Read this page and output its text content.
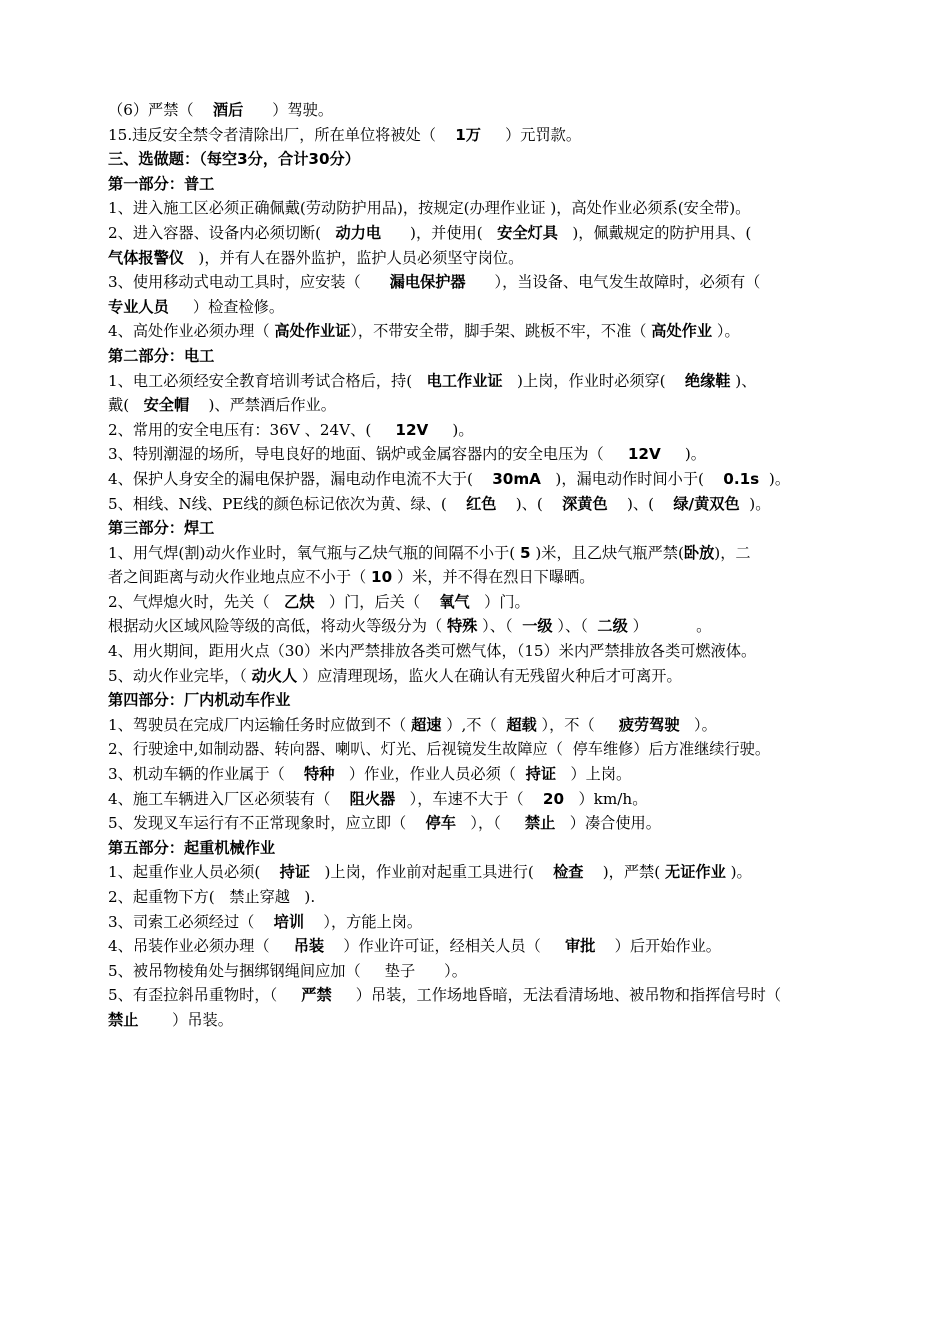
（6）严禁（    酒后      ）驾驶。
15.违反安全禁令者清除出厂，所在单位将被处（    1万     ）元罚款。
三、选做题：（每空3分，合计30分）
第一部分：普工
1、进入施工区必须正确佩戴(劳动防护用品)，按规定(办理作业证 )，高处作业必须系(安全带)。
2、进入容器、设备内必须切断(   动力电      )，并使用(   安全灯具   )，佩戴规定的防护用具、(
气体报警仪   )，并有人在器外监护，监护人员必须坚守岗位。
3、使用移动式电动工具时，应安装（      漏电保护器      ），当设备、电气发生故障时，必须有（
专业人员     ）检查检修。
4、高处作业必须办理（ 高处作业证），不带安全带，脚手架、跳板不牢，不准（ 高处作业 ）。
第二部分：电工
1、电工必须经安全教育培训考试合格后，持(   电工作业证   )上岗，作业时必须穿(    绝缘鞋 )、
戴(   安全帽    )、严禁酒后作业。
2、常用的安全电压有：36V 、24V、(     12V     )。
3、特别潮湿的场所，导电良好的地面、锅炉或金属容器内的安全电压为（     12V     )。
4、保护人身安全的漏电保护器，漏电动作电流不大于(    30mA   )，漏电动作时间小于(    0.1s  )。
5、相线、N线、PE线的颜色标记依次为黄、绿、(    红色    )、(    深黄色    )、(    绿/黄双色  )。
第三部分：焊工
1、用气焊(割)动火作业时，氧气瓶与乙炔气瓶的间隔不小于( 5 )米，且乙炔气瓶严禁(卧放)，二
者之间距离与动火作业地点应不小于（ 10 ）米，并不得在烈日下曝晒。
2、气焊熄火时，先关（   乙炔   ）门，后关（    氧气   ）门。
根据动火区域风险等级的高低，将动火等级分为（ 特殊 ）、（  一级 ）、（  二级 ）          。
4、用火期间，距用火点（30）米内严禁排放各类可燃气体，（15）米内严禁排放各类可燃液体。
5、动火作业完毕，（ 动火人 ）应清理现场，监火人在确认有无残留火种后才可离开。
第四部分：厂内机动车作业
1、驾驶员在完成厂内运输任务时应做到不（ 超速 ）,不（  超载 ），不（     疲劳驾驶   ）。
2、行驶途中,如制动器、转向器、喇叭、灯光、后视镜发生故障应（  停车维修）后方准继续行驶。
3、机动车辆的作业属于（    特种   ）作业，作业人员必须（  持证   ）上岗。
4、施工车辆进入厂区必须装有（    阻火器   ），车速不大于（    20   ）km/h。
5、发现叉车运行有不正常现象时，应立即（    停车   ），（     禁止   ）凑合使用。
第五部分：起重机械作业
1、起重作业人员必须(    持证   )上岗，作业前对起重工具进行(    检查    )，严禁( 无证作业 )。
2、起重物下方(   禁止穿越   ).
3、司索工必须经过（    培训    ），方能上岗。
4、吊装作业必须办理（     吊装    ）作业许可证，经相关人员（     审批    ）后开始作业。
5、被吊物棱角处与捆绑钢绳间应加（     垫子      ）。
5、有歪拉斜吊重物时，（     严禁     ）吊装，工作场地昏暗，无法看清场地、被吊物和指挥信号时（
禁止       ）吊装。
